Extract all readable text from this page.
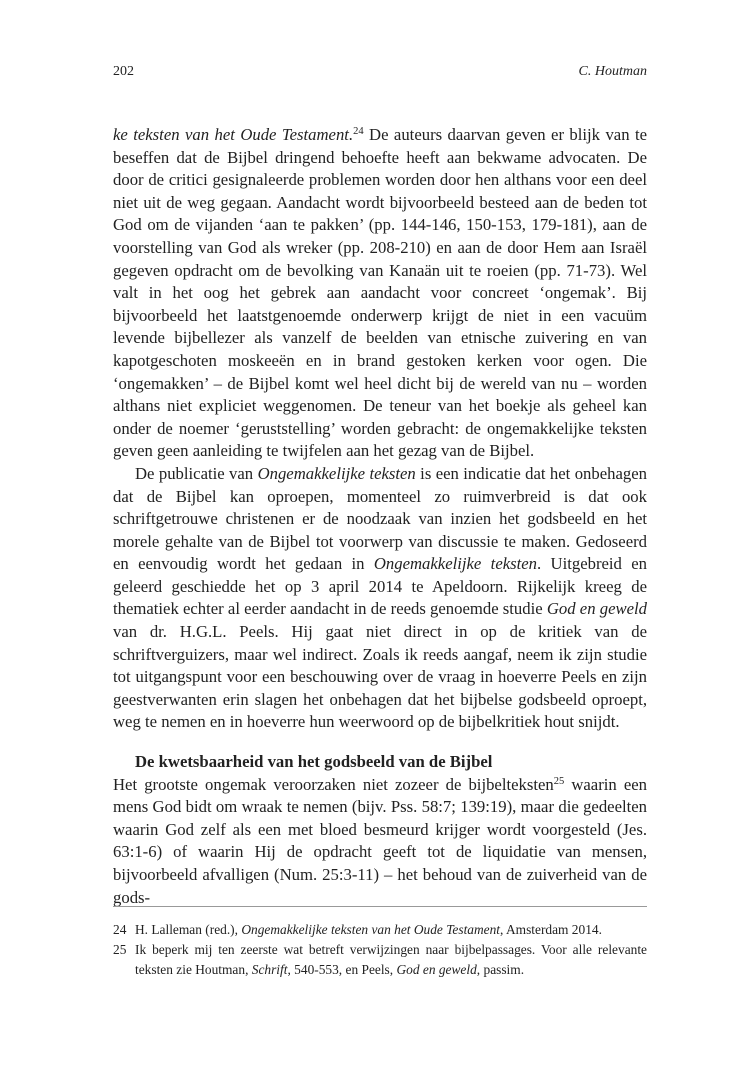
202	C. Houtman

ke teksten van het Oude Testament.$^{24}$ De auteurs daarvan geven er blijk van te beseffen dat de Bijbel dringend behoefte heeft aan bekwame advocaten. De door de critici gesignaleerde problemen worden door hen althans voor een deel niet uit de weg gegaan. Aandacht wordt bijvoorbeeld besteed aan de beden tot God om de vijanden ‘aan te pakken’ (pp. 144-146, 150-153, 179-181), aan de voorstelling van God als wreker (pp. 208-210) en aan de door Hem aan Israël gegeven opdracht om de bevolking van Kanaän uit te roeien (pp. 71-73). Wel valt in het oog het gebrek aan aandacht voor concreet ‘ongemak’. Bij bijvoorbeeld het laatstgenoemde onderwerp krijgt de niet in een vacuüm levende bijbellezer als vanzelf de beelden van etnische zuivering en van kapotgeschoten moskeeën en in brand gestoken kerken voor ogen. Die ‘ongemakken’ – de Bijbel komt wel heel dicht bij de wereld van nu – worden althans niet expliciet weggenomen. De teneur van het boekje als geheel kan onder de noemer ‘geruststelling’ worden gebracht: de ongemakkelijke teksten geven geen aanleiding te twijfelen aan het gezag van de Bijbel.

De publicatie van Ongemakkelijke teksten is een indicatie dat het onbehagen dat de Bijbel kan oproepen, momenteel zo ruimverbreid is dat ook schriftgetrouwe christenen er de noodzaak van inzien het godsbeeld en het morele gehalte van de Bijbel tot voorwerp van discussie te maken. Gedoseerd en eenvoudig wordt het gedaan in Ongemakkelijke teksten. Uitgebreid en geleerd geschiedde het op 3 april 2014 te Apeldoorn. Rijkelijk kreeg de thematiek echter al eerder aandacht in de reeds genoemde studie God en geweld van dr. H.G.L. Peels. Hij gaat niet direct in op de kritiek van de schriftverguizers, maar wel indirect. Zoals ik reeds aangaf, neem ik zijn studie tot uitgangspunt voor een beschouwing over de vraag in hoeverre Peels en zijn geestverwanten erin slagen het onbehagen dat het bijbelse godsbeeld oproept, weg te nemen en in hoeverre hun weerwoord op de bijbelkritiek hout snijdt.

De kwetsbaarheid van het godsbeeld van de Bijbel

Het grootste ongemak veroorzaken niet zozeer de bijbelteksten$^{25}$ waarin een mens God bidt om wraak te nemen (bijv. Pss. 58:7; 139:19), maar die gedeelten waarin God zelf als een met bloed besmeurd krijger wordt voorgesteld (Jes. 63:1-6) of waarin Hij de opdracht geeft tot de liquidatie van mensen, bijvoorbeeld afvalligen (Num. 25:3-11) – het behoud van de zuiverheid van de gods-

24 H. Lalleman (red.), Ongemakkelijke teksten van het Oude Testament, Amsterdam 2014.
25 Ik beperk mij ten zeerste wat betreft verwijzingen naar bijbelpassages. Voor alle relevante teksten zie Houtman, Schrift, 540-553, en Peels, God en geweld, passim.
